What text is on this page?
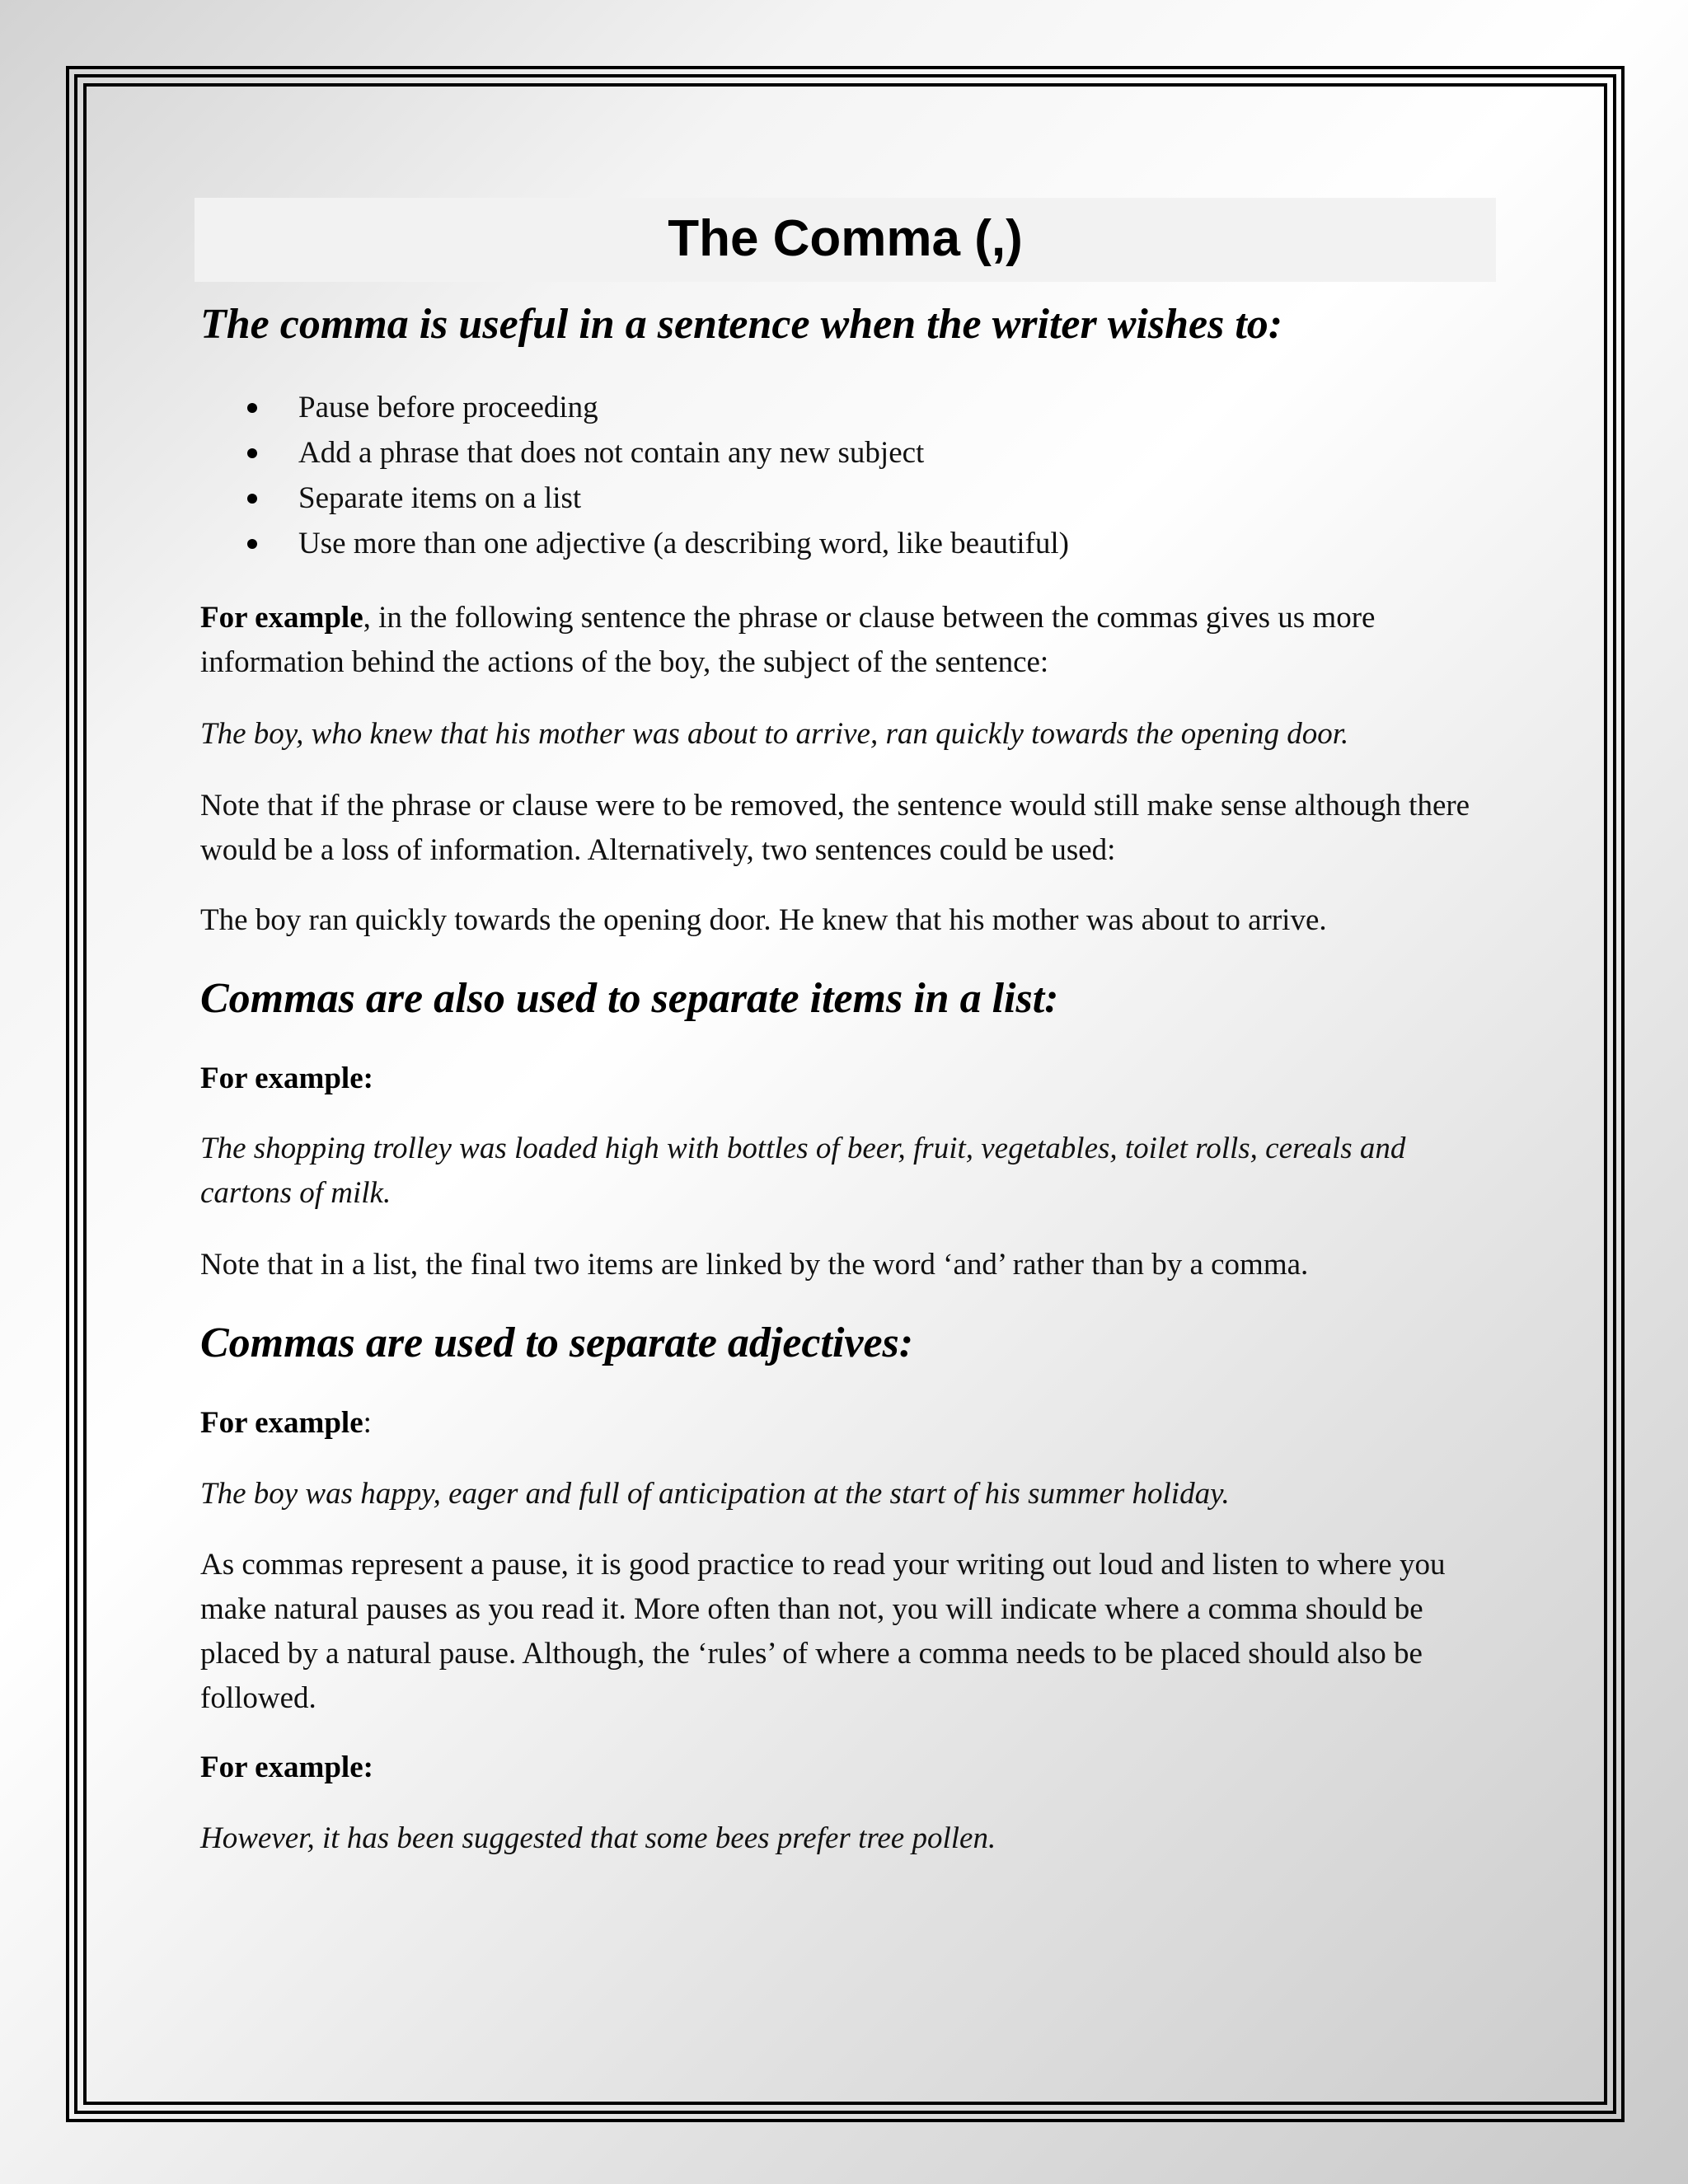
The Comma (,)
The comma is useful in a sentence when the writer wishes to:
Pause before proceeding
Add a phrase that does not contain any new subject
Separate items on a list
Use more than one adjective (a describing word, like beautiful)

For example, in the following sentence the phrase or clause between the commas gives us more information behind the actions of the boy, the subject of the sentence:

The boy, who knew that his mother was about to arrive, ran quickly towards the opening door.

Note that if the phrase or clause were to be removed, the sentence would still make sense although there would be a loss of information. Alternatively, two sentences could be used:

The boy ran quickly towards the opening door. He knew that his mother was about to arrive.

Commas are also used to separate items in a list:

For example:

The shopping trolley was loaded high with bottles of beer, fruit, vegetables, toilet rolls, cereals and cartons of milk.

Note that in a list, the final two items are linked by the word ‘and’ rather than by a comma.

Commas are used to separate adjectives:

For example:

The boy was happy, eager and full of anticipation at the start of his summer holiday.

As commas represent a pause, it is good practice to read your writing out loud and listen to where you make natural pauses as you read it. More often than not, you will indicate where a comma should be placed by a natural pause. Although, the ‘rules’ of where a comma needs to be placed should also be followed.

For example:

However, it has been suggested that some bees prefer tree pollen.
